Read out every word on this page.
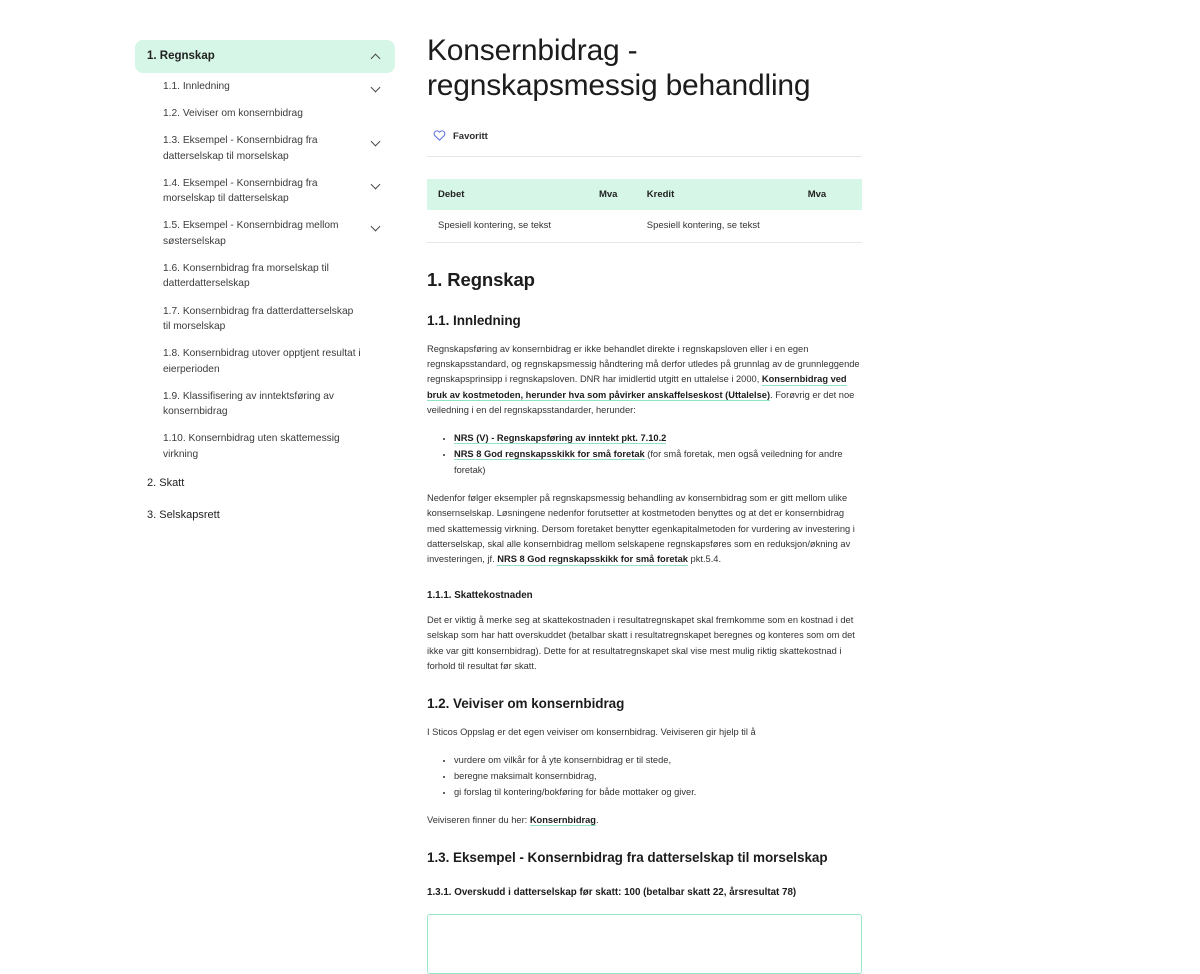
1. Regnskap
1.1. Innledning
1.2. Veiviser om konsernbidrag
1.3. Eksempel - Konsernbidrag fra datterselskap til morselskap
1.4. Eksempel - Konsernbidrag fra morselskap til datterselskap
1.5. Eksempel - Konsernbidrag mellom søsterselskap
1.6. Konsernbidrag fra morselskap til datterdatterselskap
1.7. Konsernbidrag fra datterdatterselskap til morselskap
1.8. Konsernbidrag utover opptjent resultat i eierperioden
1.9. Klassifisering av inntektsføring av konsernbidrag
1.10. Konsernbidrag uten skattemessig virkning
2. Skatt
3. Selskapsrett
Konsernbidrag - regnskapsmessig behandling
Favoritt
Debet	Mva	Kredit	Mva
Spesiell kontering, se tekst		Spesiell kontering, se tekst	
1. Regnskap
1.1. Innledning

Regnskapsføring av konsernbidrag er ikke behandlet direkte i regnskapsloven eller i en egen regnskapsstandard, og regnskapsmessig håndtering må derfor utledes på grunnlag av de grunnleggende regnskapsprinsipp i regnskapsloven. DNR har imidlertid utgitt en uttalelse i 2000, Konsernbidrag ved bruk av kostmetoden, herunder hva som påvirker anskaffelseskost (Uttalelse). Forøvrig er det noe veiledning i en del regnskapsstandarder, herunder:

• NRS (V) - Regnskapsføring av inntekt pkt. 7.10.2
• NRS 8 God regnskapsskikk for små foretak (for små foretak, men også veiledning for andre foretak)

Nedenfor følger eksempler på regnskapsmessig behandling av konsernbidrag som er gitt mellom ulike konsernselskap. Løsningene nedenfor forutsetter at kostmetoden benyttes og at det er konsernbidrag med skattemessig virkning. Dersom foretaket benytter egenkapitalmetoden for vurdering av investering i datterselskap, skal alle konsernbidrag mellom selskapene regnskapsføres som en reduksjon/økning av investeringen, jf. NRS 8 God regnskapsskikk for små foretak pkt.5.4.

1.1.1. Skattekostnaden

Det er viktig å merke seg at skattekostnaden i resultatregnskapet skal fremkomme som en kostnad i det selskap som har hatt overskuddet (betalbar skatt i resultatregnskapet beregnes og konteres som om det ikke var gitt konsernbidrag). Dette for at resultatregnskapet skal vise mest mulig riktig skattekostnad i forhold til resultat før skatt.

1.2. Veiviser om konsernbidrag

I Sticos Oppslag er det egen veiviser om konsernbidrag. Veiviseren gir hjelp til å

• vurdere om vilkår for å yte konsernbidrag er til stede,
• beregne maksimalt konsernbidrag,
• gi forslag til kontering/bokføring for både mottaker og giver.

Veiviseren finner du her: Konsernbidrag.

1.3. Eksempel - Konsernbidrag fra datterselskap til morselskap
1.3.1. Overskudd i datterselskap før skatt: 100 (betalbar skatt 22, årsresultat 78)
